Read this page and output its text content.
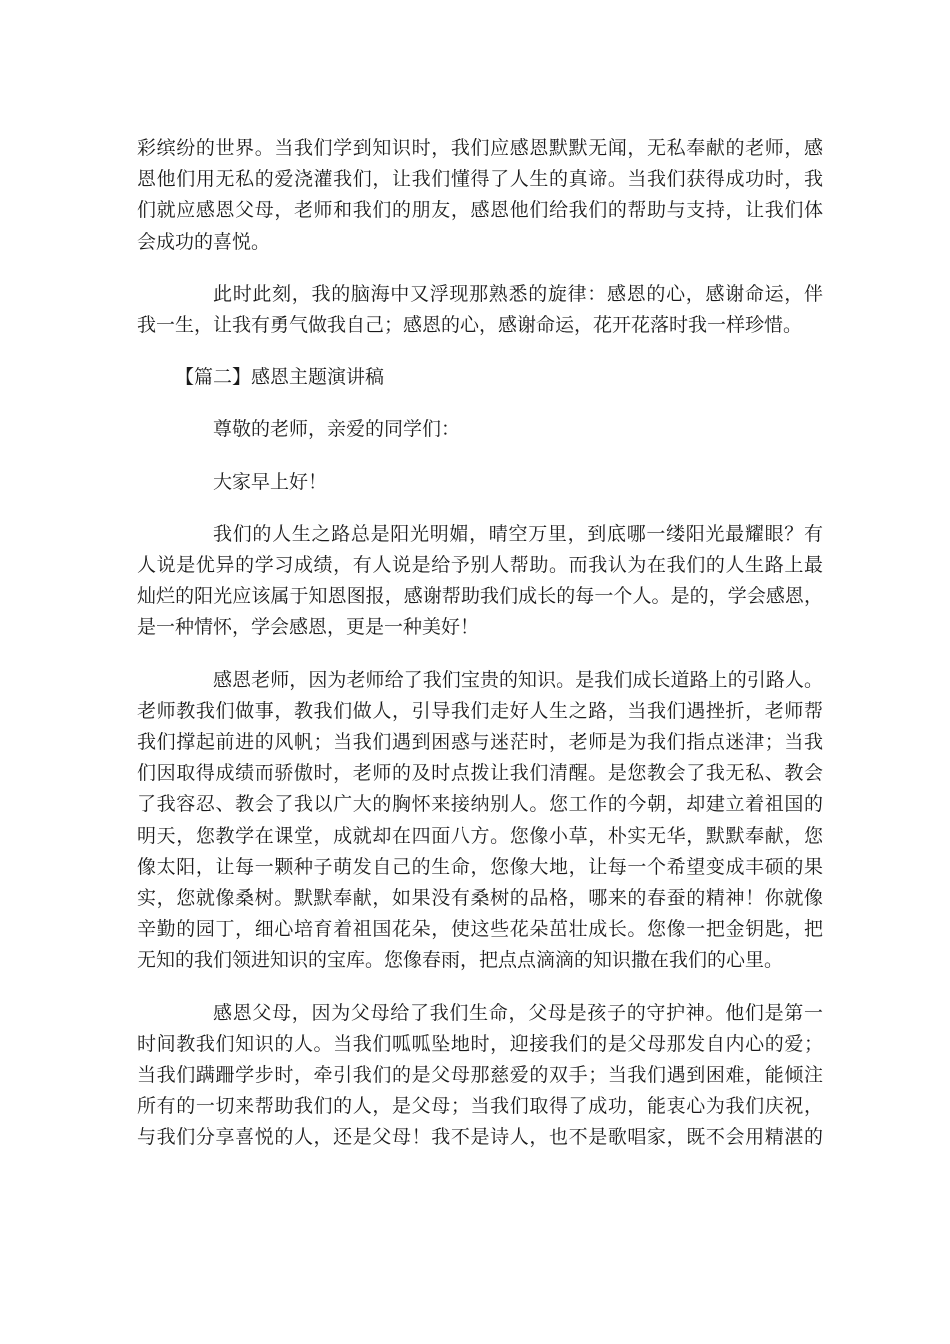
彩缤纷的世界。当我们学到知识时，我们应感恩默默无闻，无私奉献的老师，感
恩他们用无私的爱浇灌我们，让我们懂得了人生的真谛。当我们获得成功时，我
们就应感恩父母，老师和我们的朋友，感恩他们给我们的帮助与支持，让我们体
会成功的喜悦。

此时此刻，我的脑海中又浮现那熟悉的旋律：感恩的心，感谢命运，伴
我一生，让我有勇气做我自己；感恩的心，感谢命运，花开花落时我一样珍惜。

【篇二】感恩主题演讲稿

尊敬的老师，亲爱的同学们：

大家早上好！

我们的人生之路总是阳光明媚，晴空万里，到底哪一缕阳光最耀眼？有
人说是优异的学习成绩，有人说是给予别人帮助。而我认为在我们的人生路上最
灿烂的阳光应该属于知恩图报，感谢帮助我们成长的每一个人。是的，学会感恩，
是一种情怀，学会感恩，更是一种美好！

感恩老师，因为老师给了我们宝贵的知识。是我们成长道路上的引路人。
老师教我们做事，教我们做人，引导我们走好人生之路，当我们遇挫折，老师帮
我们撑起前进的风帆；当我们遇到困惑与迷茫时，老师是为我们指点迷津；当我
们因取得成绩而骄傲时，老师的及时点拨让我们清醒。是您教会了我无私、教会
了我容忍、教会了我以广大的胸怀来接纳别人。您工作的今朝，却建立着祖国的
明天，您教学在课堂，成就却在四面八方。您像小草，朴实无华，默默奉献，您
像太阳，让每一颗种子萌发自己的生命，您像大地，让每一个希望变成丰硕的果
实，您就像桑树。默默奉献，如果没有桑树的品格，哪来的春蚕的精神！你就像
辛勤的园丁，细心培育着祖国花朵，使这些花朵茁壮成长。您像一把金钥匙，把
无知的我们领进知识的宝库。您像春雨，把点点滴滴的知识撒在我们的心里。

感恩父母，因为父母给了我们生命，父母是孩子的守护神。他们是第一
时间教我们知识的人。当我们呱呱坠地时，迎接我们的是父母那发自内心的爱；
当我们蹒跚学步时，牵引我们的是父母那慈爱的双手；当我们遇到困难，能倾注
所有的一切来帮助我们的人，是父母；当我们取得了成功，能衷心为我们庆祝，
与我们分享喜悦的人，还是父母！我不是诗人，也不是歌唱家，既不会用精湛的
